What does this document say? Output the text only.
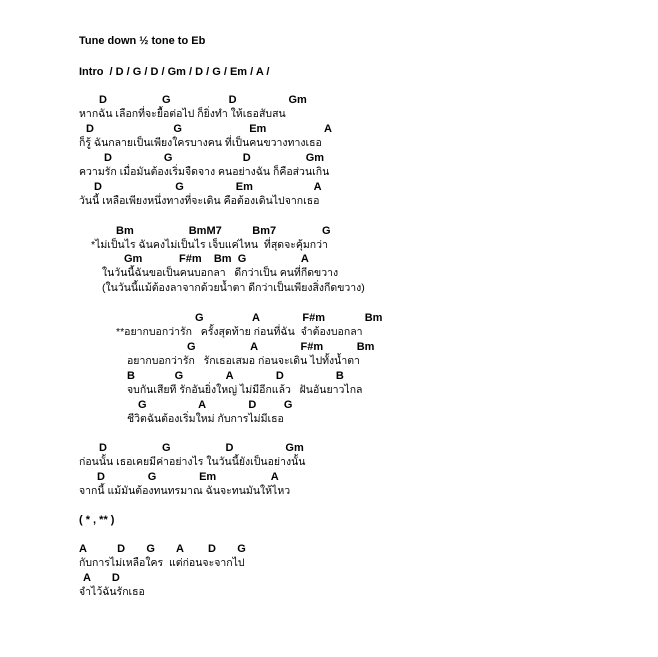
Tune down ½ tone to Eb
Intro  / D / G / D / Gm / D / G / Em / A /
D                  G                   D                 Gm
หากฉัน เลือกที่จะยื้อต่อไป ก็ยิ่งทำ ให้เธอสับสน
D                          G                      Em                   A
ก็รู้ ฉันกลายเป็นเพียงใครบางคน ที่เป็นคนขวางทางเธอ
D                 G                       D                  Gm
ความรัก เมื่อมันต้องเริ่มจืดจาง คนอย่างฉัน ก็คือส่วนเกิน
D                        G                 Em                    A
วันนี้ เหลือเพียงหนึ่งทางที่จะเดิน คือต้องเดินไปจากเธอ
Bm                  BmM7          Bm7               G
*ไม่เป็นไร ฉันคงไม่เป็นไร เจ็บแค่ไหน  ที่สุดจะคุ้มกว่า
Gm            F#m    Bm  G                  A
ในวันนี้ฉันขอเป็นคนบอกลา   ดีกว่าเป็น คนที่กีดขวาง
(ในวันนี้แม้ต้องลาจากด้วยน้ำตา ดีกว่าเป็นเพียงสิ่งกีดขวาง)
G                A              F#m             Bm
**อยากบอกว่ารัก   ครั้งสุดท้าย ก่อนที่ฉัน  จำต้องบอกลา
G                  A              F#m           Bm
อยากบอกว่ารัก   รักเธอเสมอ ก่อนจะเดิน ไปทั้งน้ำตา
B             G              A              D                 B
จบกันเสียที รักอันยิ่งใหญ่ ไม่มีอีกแล้ว   ฝันอันยาวไกล
G                 A              D         G
ชีวิตฉันต้องเริ่มใหม่ กับการไม่มีเธอ
D                  G                  D                 Gm
ก่อนนั้น เธอเคยมีค่าอย่างไร ในวันนี้ยังเป็นอย่างนั้น
D              G              Em                  A
จากนี้ แม้มันต้องทนทรมาณ ฉันจะทนมันให้ไหว
( * , ** )
A          D       G       A        D       G
กับการไม่เหลือใคร  แต่ก่อนจะจากไป
A       D
จำไว้ฉันรักเธอ
